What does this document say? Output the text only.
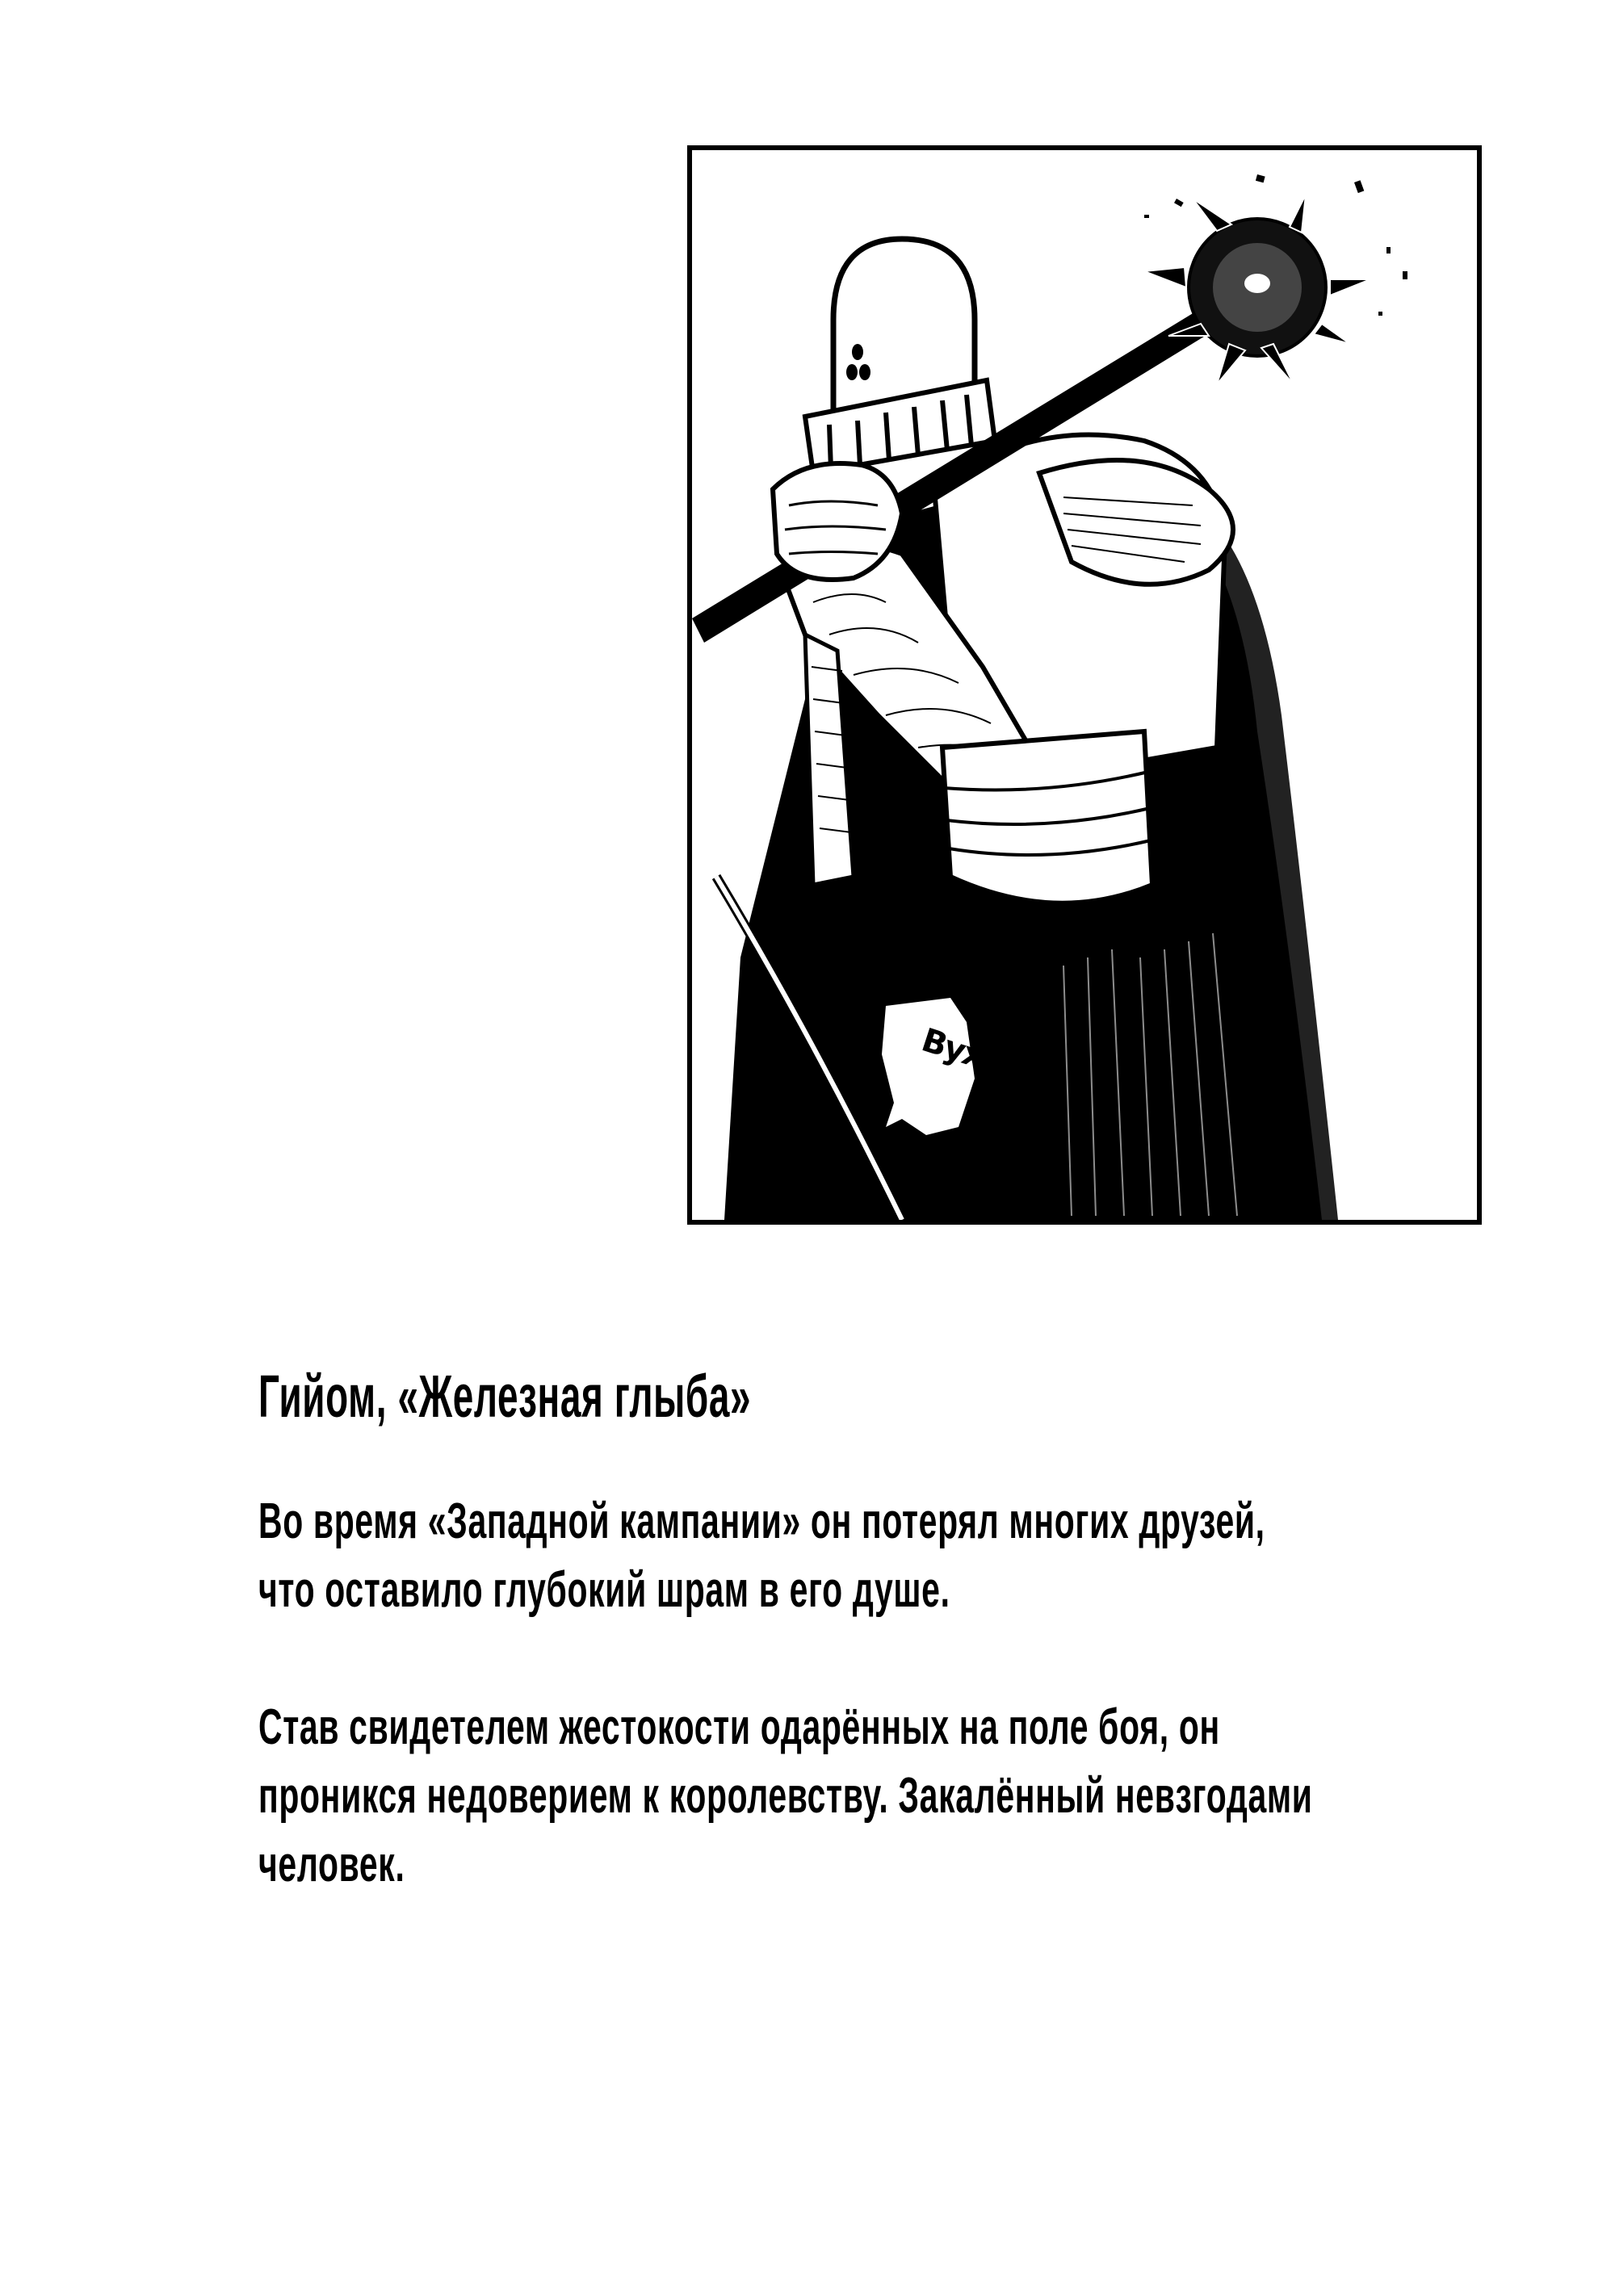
Вух
Гийом, «Железная глыба»

Во время «Западной кампании» он потерял многих друзей,
что оставило глубокий шрам в его душе.

Став свидетелем жестокости одарённых на поле боя, он
проникся недоверием к королевству. Закалённый невзгодами
человек.
